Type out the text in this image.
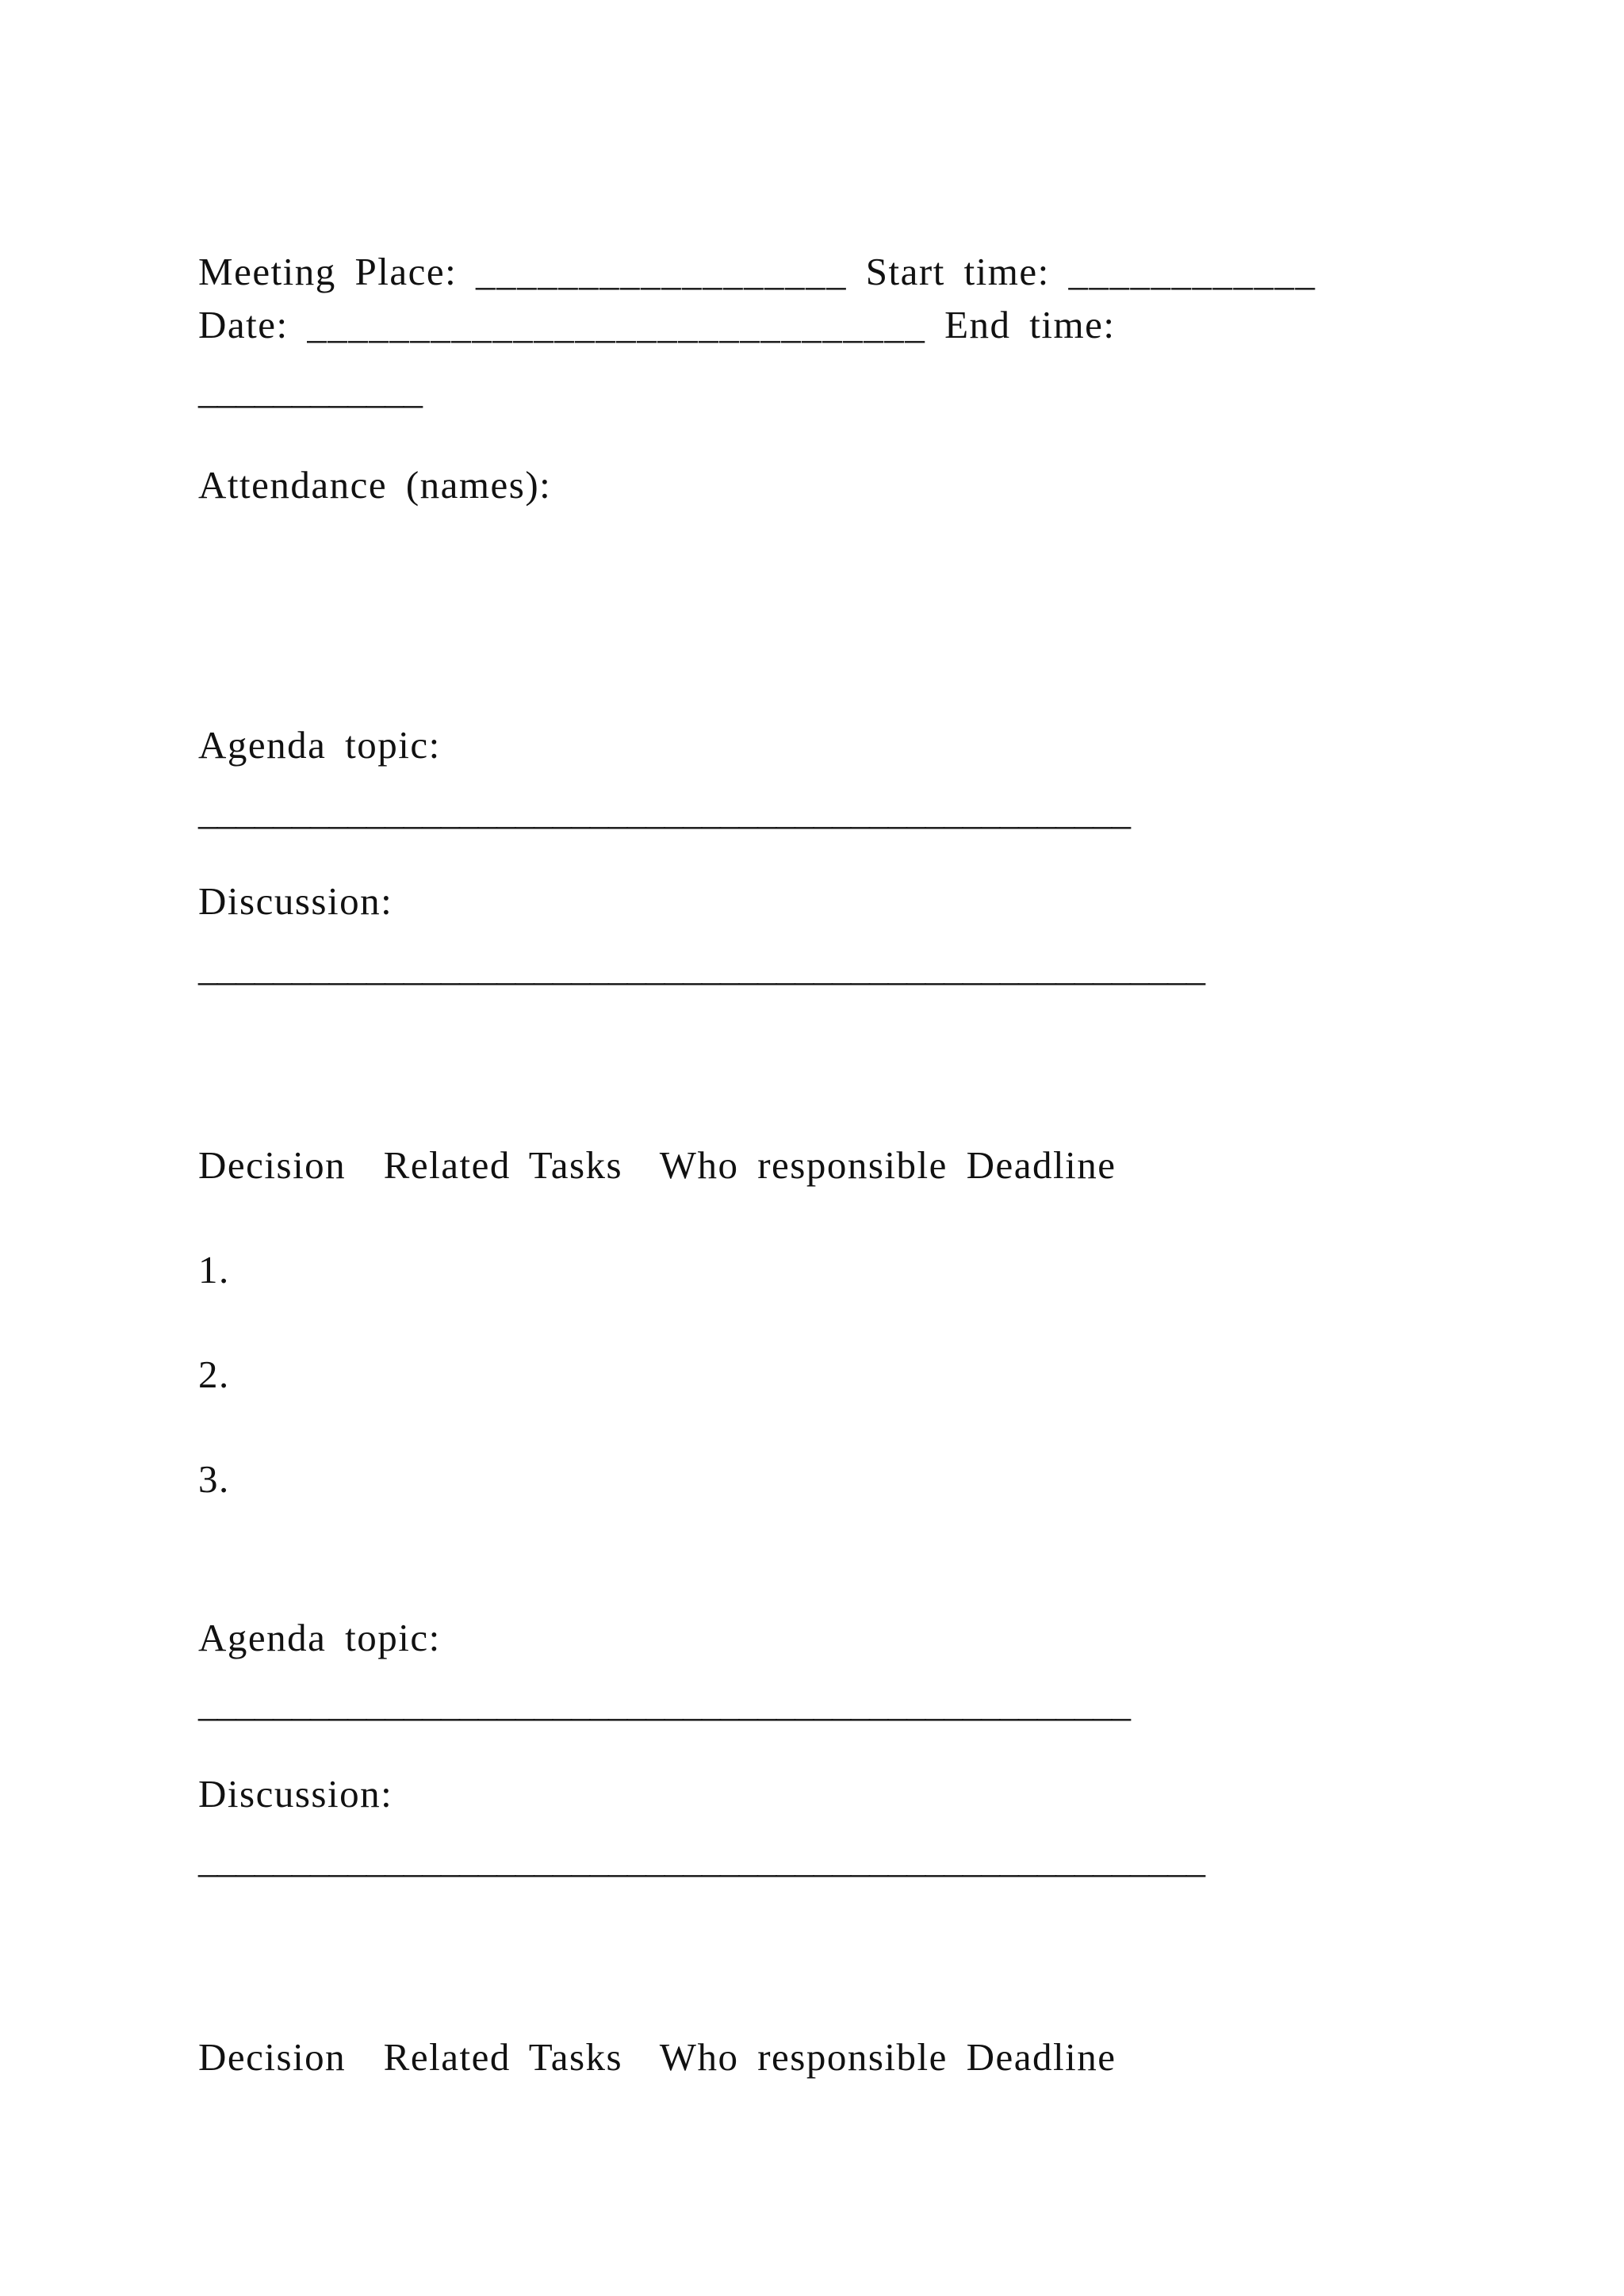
Meeting Place: __________________ Start time: ____________
Date: ______________________________ End time:
____________
Attendance (names):
Agenda topic:
__________________________________________________
Discussion:
______________________________________________________
Decision  Related Tasks  Who responsible Deadline
1.
2.
3.
Agenda topic:
__________________________________________________
Discussion:
______________________________________________________
Decision  Related Tasks  Who responsible Deadline
